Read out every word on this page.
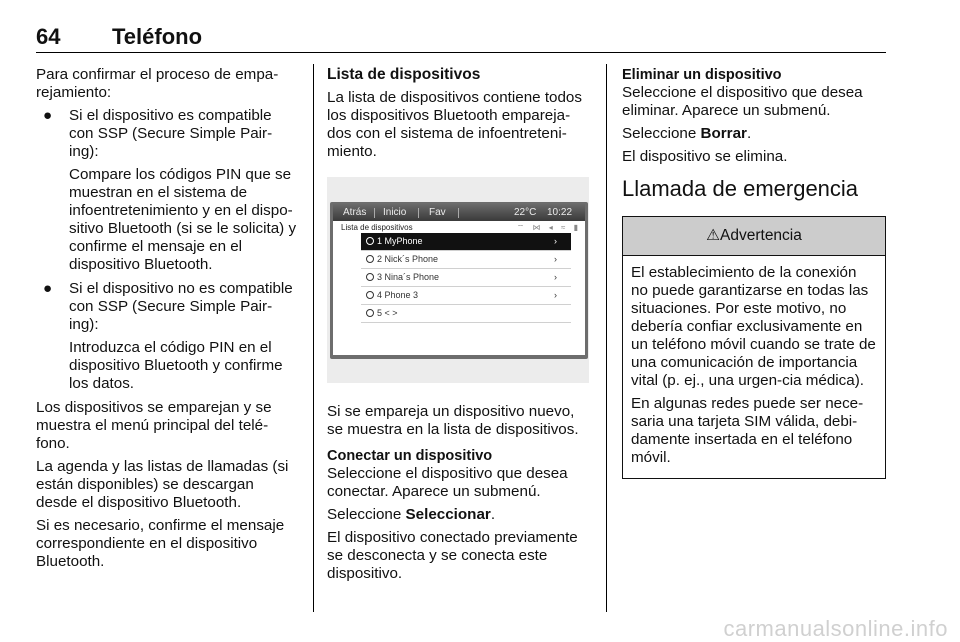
64 Teléfono

Para confirmar el proceso de empa-rejamiento:

● Si el dispositivo es compatible con SSP (Secure Simple Pair-ing):

Compare los códigos PIN que se muestran en el sistema de infoentretenimiento y en el dispo-sitivo Bluetooth (si se le solicita) y confirme el mensaje en el dispositivo Bluetooth.

● Si el dispositivo no es compatible con SSP (Secure Simple Pair-ing):

Introduzca el código PIN en el dispositivo Bluetooth y confirme los datos.

Los dispositivos se emparejan y se muestra el menú principal del telé-fono.

La agenda y las listas de llamadas (si están disponibles) se descargan desde el dispositivo Bluetooth.

Si es necesario, confirme el mensaje correspondiente en el dispositivo Bluetooth.

Lista de dispositivos

La lista de dispositivos contiene todos los dispositivos Bluetooth empareja-dos con el sistema de infoentreteni-miento.

Atrás Inicio Fav	22°C 10:22
Lista de dispositivos	⌔ ⋈ ◂ ≈ ▮
1 MyPhone	›
2 Nick´s Phone	›
3 Nina´s Phone	›
4 Phone 3	›
5 < >

Si se empareja un dispositivo nuevo, se muestra en la lista de dispositivos.

Conectar un dispositivo

Seleccione el dispositivo que desea conectar. Aparece un submenú.

Seleccione Seleccionar.

El dispositivo conectado previamente se desconecta y se conecta este dispositivo.

Eliminar un dispositivo

Seleccione el dispositivo que desea eliminar. Aparece un submenú.

Seleccione Borrar.

El dispositivo se elimina.

Llamada de emergencia
⚠Advertencia

El establecimiento de la conexión no puede garantizarse en todas las situaciones. Por este motivo, no debería confiar exclusivamente en un teléfono móvil cuando se trate de una comunicación de importancia vital (p. ej., una urgen-cia médica).

En algunas redes puede ser nece-saria una tarjeta SIM válida, debi-damente insertada en el teléfono móvil.

carmanualsonline.info
